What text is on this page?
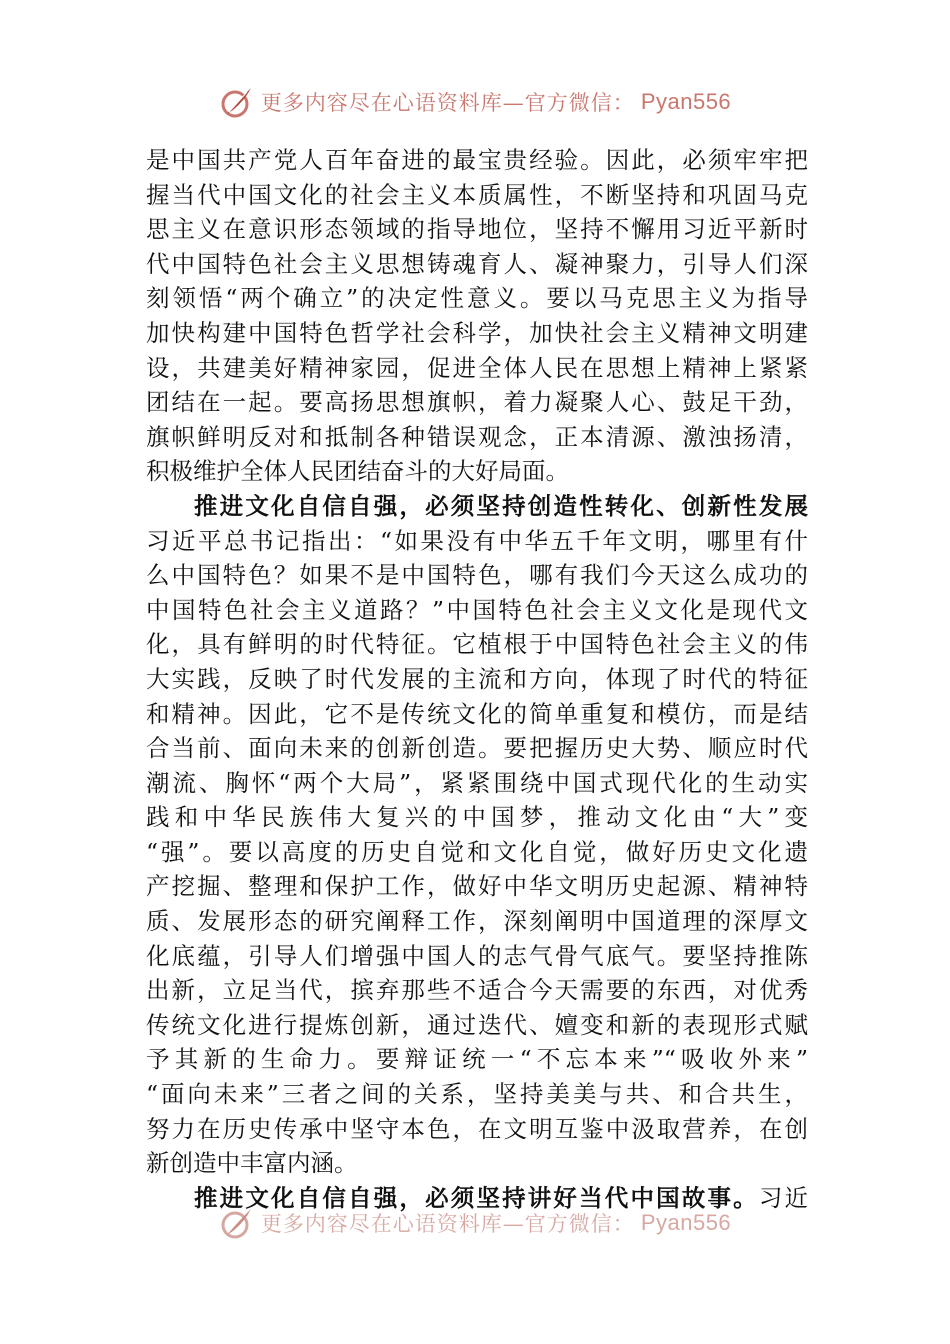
更多内容尽在心语资料库—官方微信： Pyan556
是中国共产党人百年奋进的最宝贵经验。因此，必须牢牢把
握当代中国文化的社会主义本质属性，不断坚持和巩固马克
思主义在意识形态领域的指导地位，坚持不懈用习近平新时
代中国特色社会主义思想铸魂育人、凝神聚力，引导人们深
刻领悟“两个确立”的决定性意义。要以马克思主义为指导
加快构建中国特色哲学社会科学，加快社会主义精神文明建
设，共建美好精神家园，促进全体人民在思想上精神上紧紧
团结在一起。要高扬思想旗帜，着力凝聚人心、鼓足干劲，
旗帜鲜明反对和抵制各种错误观念，正本清源、激浊扬清，
积极维护全体人民团结奋斗的大好局面。
推进文化自信自强，必须坚持创造性转化、创新性发展
习近平总书记指出：“如果没有中华五千年文明，哪里有什
么中国特色？如果不是中国特色，哪有我们今天这么成功的
中国特色社会主义道路？”中国特色社会主义文化是现代文
化，具有鲜明的时代特征。它植根于中国特色社会主义的伟
大实践，反映了时代发展的主流和方向，体现了时代的特征
和精神。因此，它不是传统文化的简单重复和模仿，而是结
合当前、面向未来的创新创造。要把握历史大势、顺应时代
潮流、胸怀“两个大局”，紧紧围绕中国式现代化的生动实
践和中华民族伟大复兴的中国梦，推动文化由“大”变
“强”。要以高度的历史自觉和文化自觉，做好历史文化遗
产挖掘、整理和保护工作，做好中华文明历史起源、精神特
质、发展形态的研究阐释工作，深刻阐明中国道理的深厚文
化底蕴，引导人们增强中国人的志气骨气底气。要坚持推陈
出新，立足当代，摈弃那些不适合今天需要的东西，对优秀
传统文化进行提炼创新，通过迭代、嬗变和新的表现形式赋
予其新的生命力。要辩证统一“不忘本来”“吸收外来”
“面向未来”三者之间的关系，坚持美美与共、和合共生，
努力在历史传承中坚守本色，在文明互鉴中汲取营养，在创
新创造中丰富内涵。
推进文化自信自强，必须坚持讲好当代中国故事。习近
更多内容尽在心语资料库—官方微信： Pyan556
